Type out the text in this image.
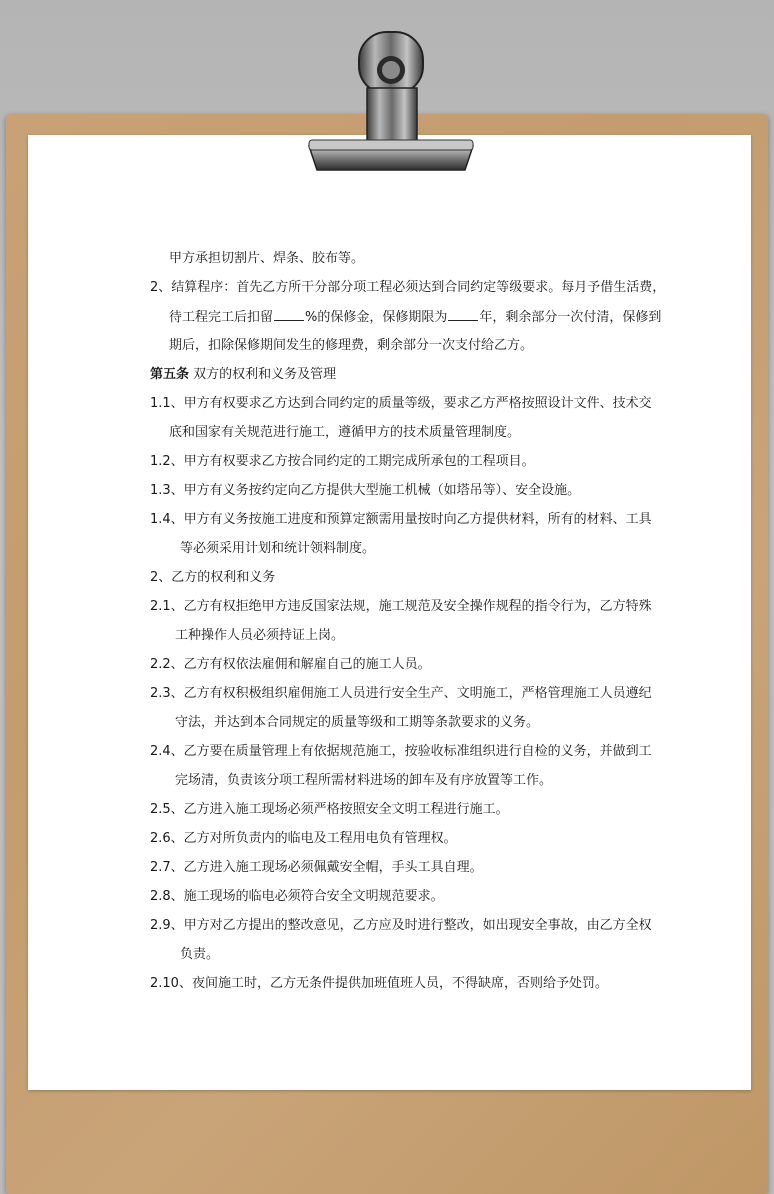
甲方承担切割片、焊条、胶布等。
2、结算程序：首先乙方所干分部分项工程必须达到合同约定等级要求。每月予借生活费，
待工程完工后扣留 %的保修金，保修期限为 年，剩余部分一次付清，保修到
期后，扣除保修期间发生的修理费，剩余部分一次支付给乙方。
第五条 双方的权利和义务及管理
1.1、甲方有权要求乙方达到合同约定的质量等级，要求乙方严格按照设计文件、技术交
底和国家有关规范进行施工，遵循甲方的技术质量管理制度。
1.2、甲方有权要求乙方按合同约定的工期完成所承包的工程项目。
1.3、甲方有义务按约定向乙方提供大型施工机械（如塔吊等）、安全设施。
1.4、甲方有义务按施工进度和预算定额需用量按时向乙方提供材料，所有的材料、工具
等必须采用计划和统计领料制度。
2、乙方的权利和义务
2.1、乙方有权拒绝甲方违反国家法规，施工规范及安全操作规程的指令行为，乙方特殊
工种操作人员必须持证上岗。
2.2、乙方有权依法雇佣和解雇自己的施工人员。
2.3、乙方有权积极组织雇佣施工人员进行安全生产、文明施工，严格管理施工人员遵纪
守法，并达到本合同规定的质量等级和工期等条款要求的义务。
2.4、乙方要在质量管理上有依据规范施工，按验收标准组织进行自检的义务，并做到工
完场清，负责该分项工程所需材料进场的卸车及有序放置等工作。
2.5、乙方进入施工现场必须严格按照安全文明工程进行施工。
2.6、乙方对所负责内的临电及工程用电负有管理权。
2.7、乙方进入施工现场必须佩戴安全帽，手头工具自理。
2.8、施工现场的临电必须符合安全文明规范要求。
2.9、甲方对乙方提出的整改意见，乙方应及时进行整改，如出现安全事故，由乙方全权
负责。
2.10、夜间施工时，乙方无条件提供加班值班人员，不得缺席，否则给予处罚。
